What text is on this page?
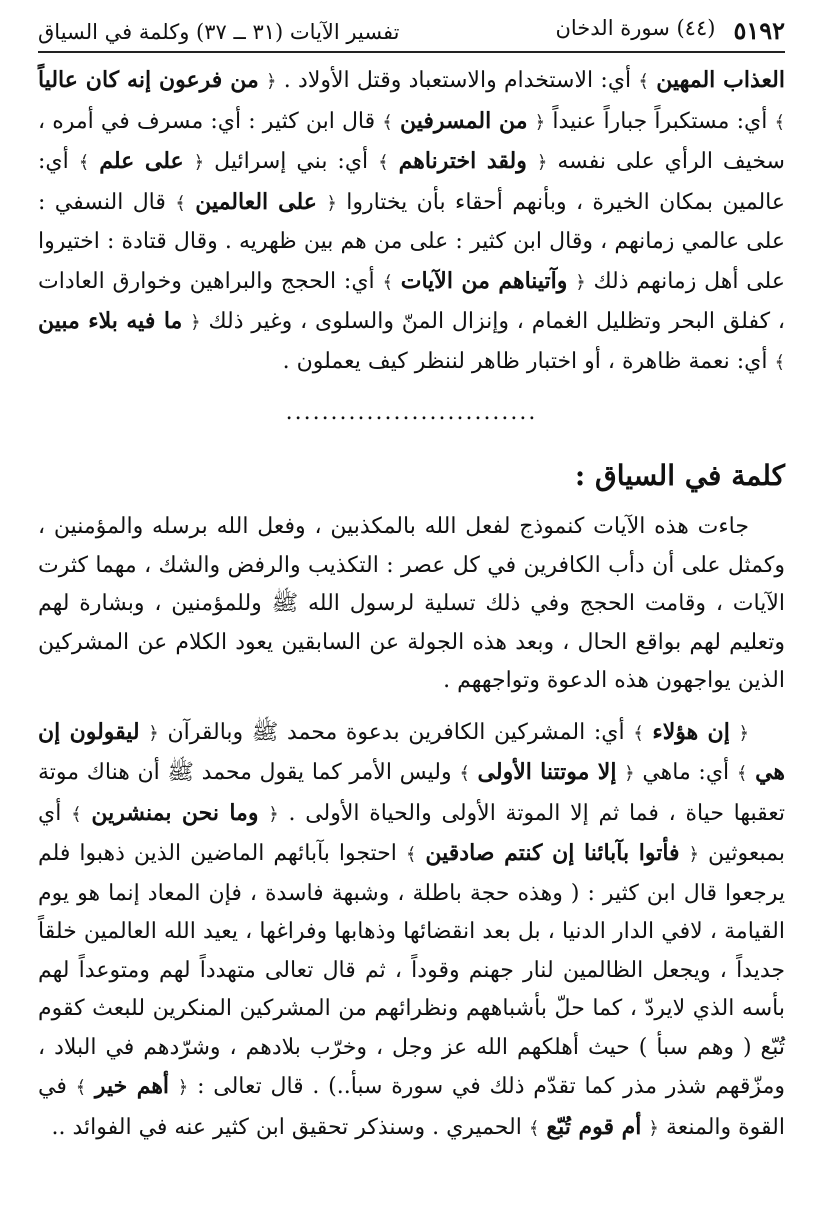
٥١٩٢
(٤٤) سورة الدخان
تفسير الآيات (٣١ ــ ٣٧) وكلمة في السياق

العذاب المهين ﴾ أي: الاستخدام والاستعباد وقتل الأولاد . ﴿ من فرعون إنه كان عالياً ﴾ أي: مستكبراً جباراً عنيداً ﴿ من المسرفين ﴾ قال ابن كثير : أي: مسرف في أمره ، سخيف الرأي على نفسه ﴿ ولقد اخترناهم ﴾ أي: بني إسرائيل ﴿ على علم ﴾ أي: عالمين بمكان الخيرة ، وبأنهم أحقاء بأن يختاروا ﴿ على العالمين ﴾ قال النسفي : على عالمي زمانهم ، وقال ابن كثير : على من هم بين ظهريه . وقال قتادة : اختيروا على أهل زمانهم ذلك ﴿ وآتيناهم من الآيات ﴾ أي: الحجج والبراهين وخوارق العادات ، كفلق البحر وتظليل الغمام ، وإنزال المنّ والسلوى ، وغير ذلك ﴿ ما فيه بلاء مبين ﴾ أي: نعمة ظاهرة ، أو اختبار ظاهر لننظر كيف يعملون .

............................
كلمة في السياق :

جاءت هذه الآيات كنموذج لفعل الله بالمكذبين ، وفعل الله برسله والمؤمنين ، وكمثل على أن دأب الكافرين في كل عصر : التكذيب والرفض والشك ، مهما كثرت الآيات ، وقامت الحجج وفي ذلك تسلية لرسول الله ﷺ وللمؤمنين ، وبشارة لهم وتعليم لهم بواقع الحال ، وبعد هذه الجولة عن السابقين يعود الكلام عن المشركين الذين يواجهون هذه الدعوة وتواجههم .

﴿ إن هؤلاء ﴾ أي: المشركين الكافرين بدعوة محمد ﷺ وبالقرآن ﴿ ليقولون إن هي ﴾ أي: ماهي ﴿ إلا موتتنا الأولى ﴾ وليس الأمر كما يقول محمد ﷺ أن هناك موتة تعقبها حياة ، فما ثم إلا الموتة الأولى والحياة الأولى . ﴿ وما نحن بمنشرين ﴾ أي بمبعوثين ﴿ فأتوا بآبائنا إن كنتم صادقين ﴾ احتجوا بآبائهم الماضين الذين ذهبوا فلم يرجعوا قال ابن كثير : ( وهذه حجة باطلة ، وشبهة فاسدة ، فإن المعاد إنما هو يوم القيامة ، لافي الدار الدنيا ، بل بعد انقضائها وذهابها وفراغها ، يعيد الله العالمين خلقاً جديداً ، ويجعل الظالمين لنار جهنم وقوداً ، ثم قال تعالى متهدداً لهم ومتوعداً لهم بأسه الذي لايردّ ، كما حلّ بأشباههم ونظرائهم من المشركين المنكرين للبعث كقوم تُبّع ( وهم سبأ ) حيث أهلكهم الله عز وجل ، وخرّب بلادهم ، وشرّدهم في البلاد ، ومزّقهم شذر مذر كما تقدّم ذلك في سورة سبأ..) . قال تعالى : ﴿ أهم خير ﴾ في القوة والمنعة ﴿ أم قوم تُبّع ﴾ الحميري . وسنذكر تحقيق ابن كثير عنه في الفوائد ..
